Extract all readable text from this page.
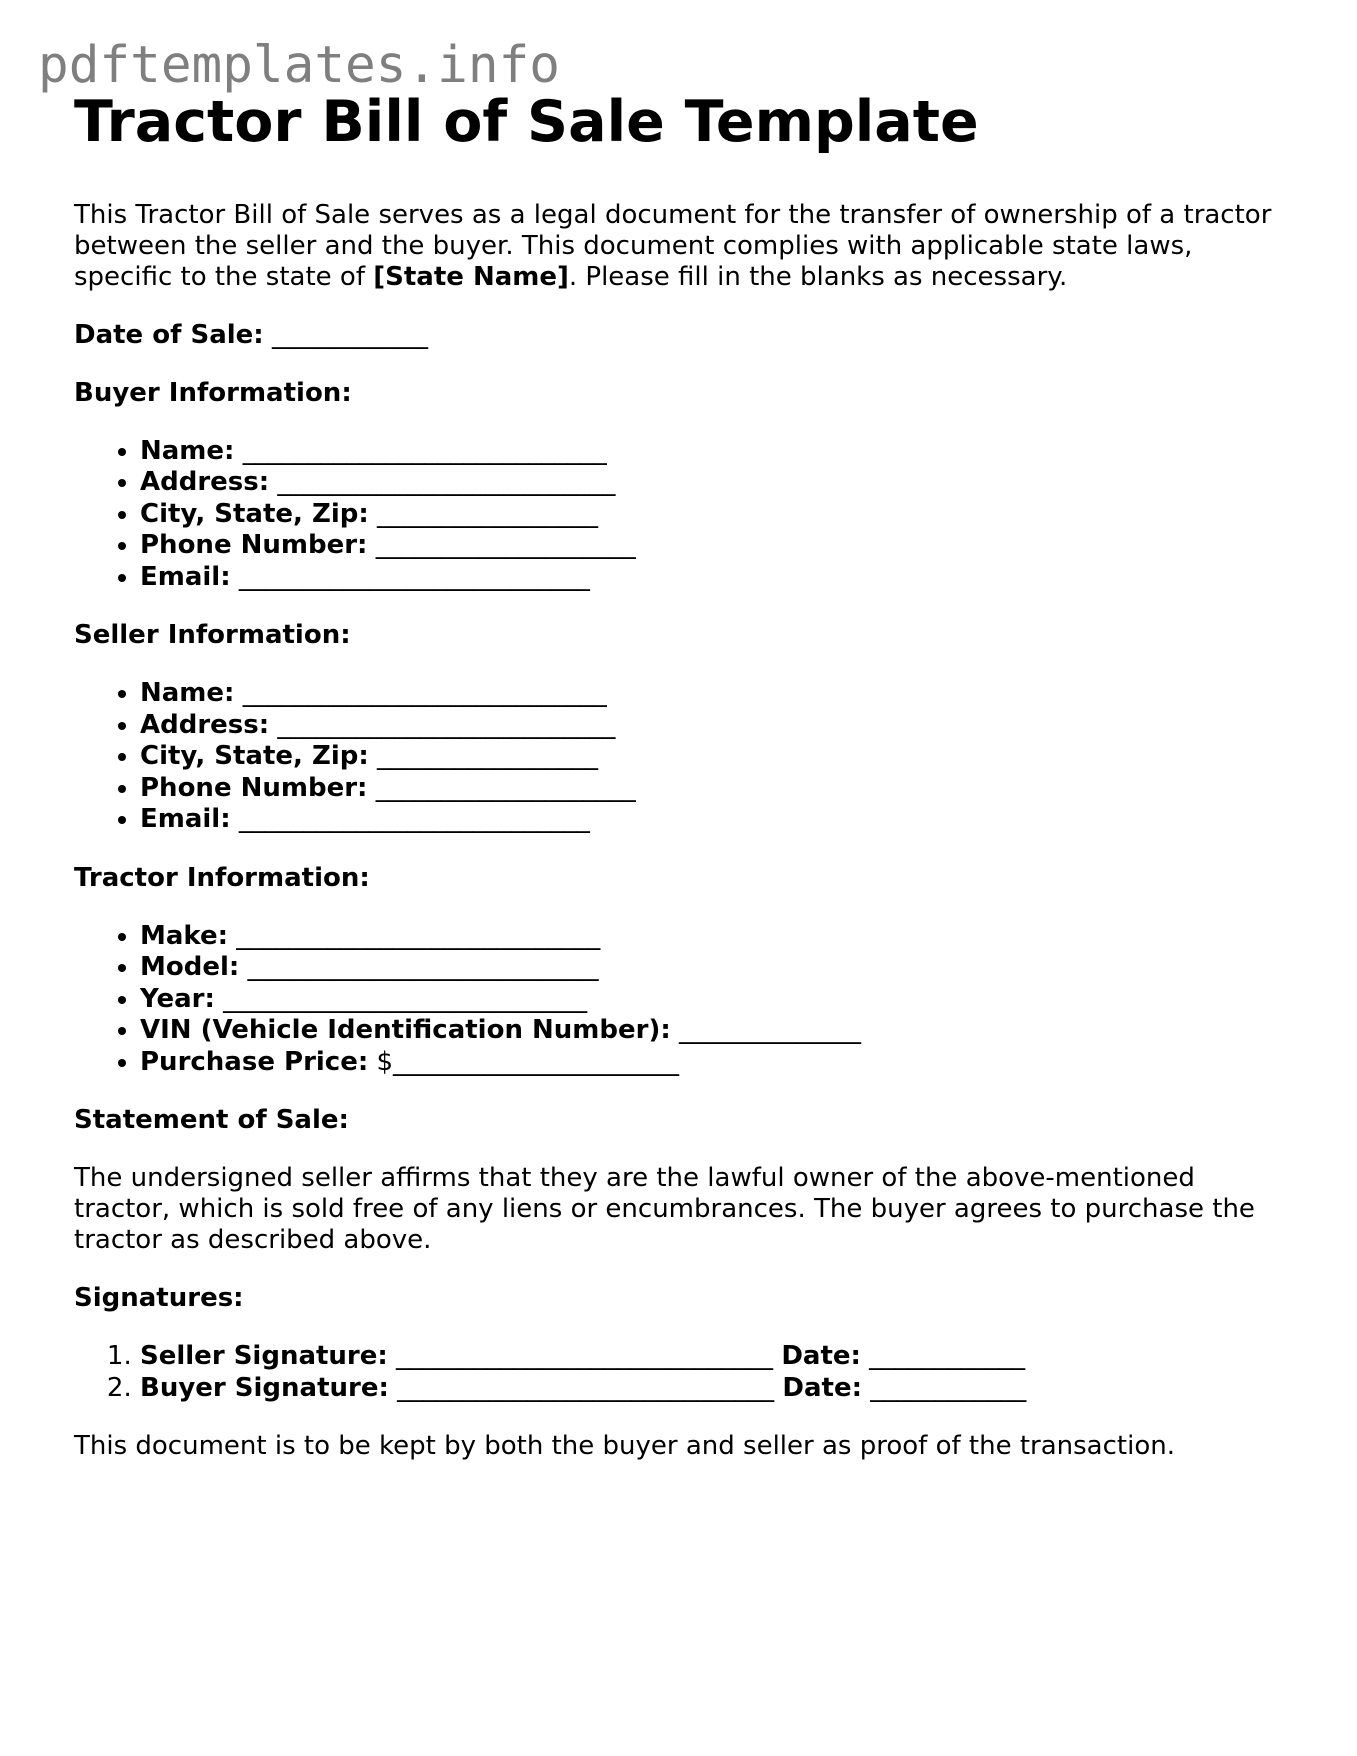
pdftemplates.info
Tractor Bill of Sale Template

This Tractor Bill of Sale serves as a legal document for the transfer of ownership of a tractor between the seller and the buyer. This document complies with applicable state laws, specific to the state of [State Name]. Please fill in the blanks as necessary.

Date of Sale: ____________

Buyer Information:

• Name: ____________________________
• Address: __________________________
• City, State, Zip: _________________
• Phone Number: ____________________
• Email: ___________________________

Seller Information:

• Name: ____________________________
• Address: __________________________
• City, State, Zip: _________________
• Phone Number: ____________________
• Email: ___________________________

Tractor Information:

• Make: ____________________________
• Model: ___________________________
• Year: ____________________________
• VIN (Vehicle Identification Number): ______________
• Purchase Price: $______________________

Statement of Sale:

The undersigned seller affirms that they are the lawful owner of the above-mentioned tractor, which is sold free of any liens or encumbrances. The buyer agrees to purchase the tractor as described above.

Signatures:

1. Seller Signature: _____________________________ Date: ____________
2. Buyer Signature: _____________________________ Date: ____________

This document is to be kept by both the buyer and seller as proof of the transaction.
